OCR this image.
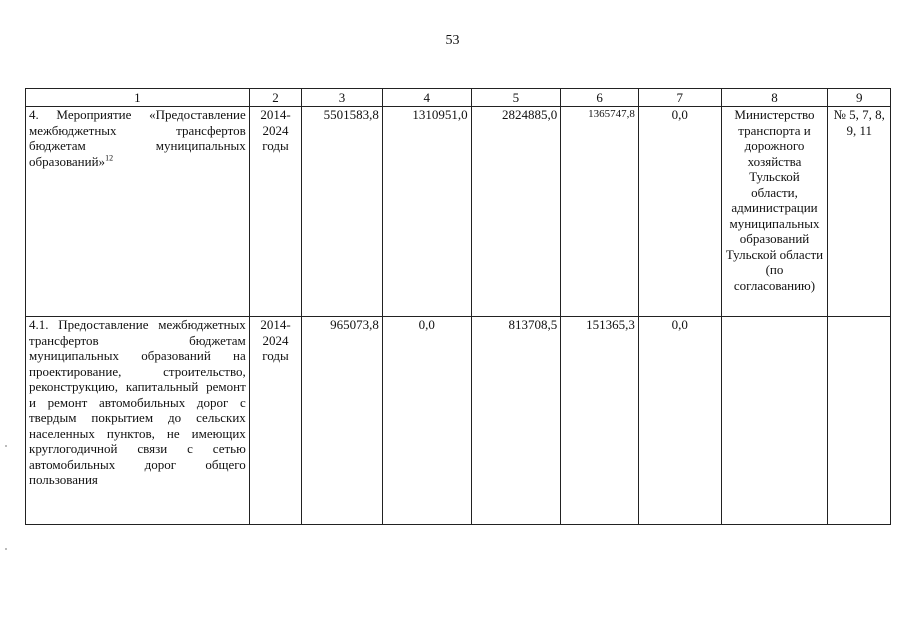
53
1	2	3	4	5	6	7	8	9
4. Мероприятие «Предоставление межбюджетных трансфертов бюджетам муниципальных образований»$^{12}$	2014-2024 годы	5501583,8	1310951,0	2824885,0	1365747,8	0,0	Министерство транспорта и дорожного хозяйства Тульской области, администрации муниципальных образований Тульской области (по согласованию)	№ 5, 7, 8, 9, 11
4.1. Предоставление межбюджетных трансфертов бюджетам муниципальных образований на проектирование, строительство, реконструкцию, капитальный ремонт и ремонт автомобильных дорог с твердым покрытием до сельских населенных пунктов, не имеющих круглогодичной связи с сетью автомобильных дорог общего пользования	2014-2024 годы	965073,8	0,0	813708,5	151365,3	0,0		
